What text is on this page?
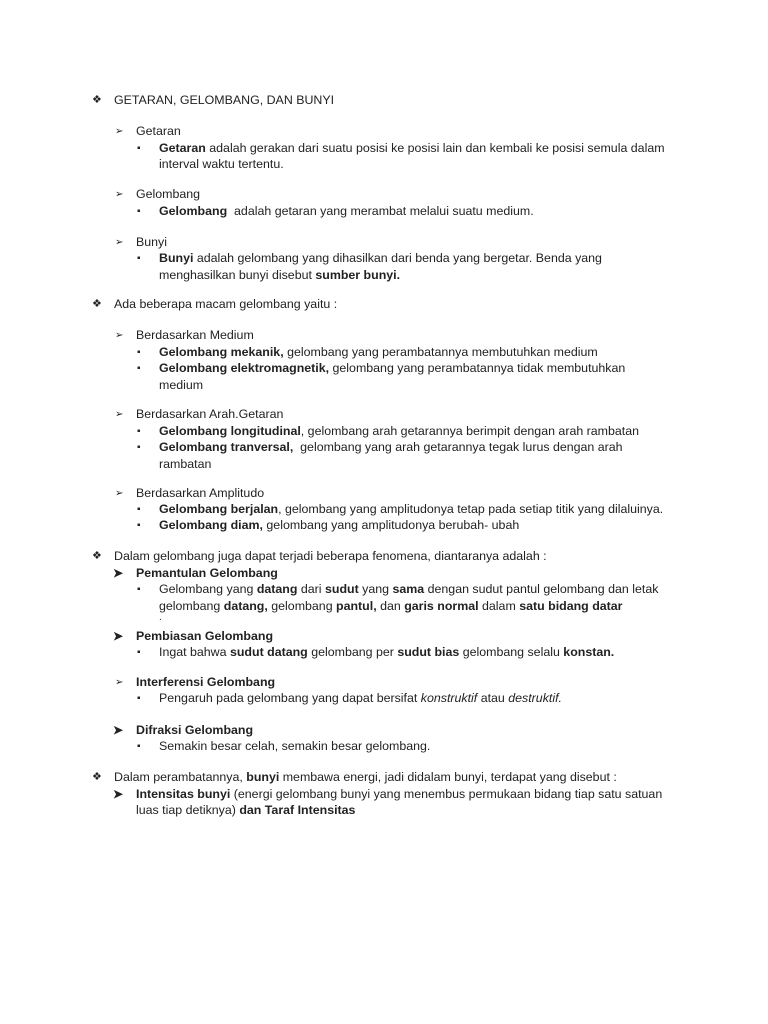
❖ GETARAN, GELOMBANG, DAN BUNYI
➢ Getaran
▪ Getaran adalah gerakan dari suatu posisi ke posisi lain dan kembali ke posisi semula dalam
interval waktu tertentu.
➢ Gelombang
▪ Gelombang  adalah getaran yang merambat melalui suatu medium.
➢ Bunyi
▪ Bunyi adalah gelombang yang dihasilkan dari benda yang bergetar. Benda yang
menghasilkan bunyi disebut sumber bunyi.
❖ Ada beberapa macam gelombang yaitu :
➢ Berdasarkan Medium
▪ Gelombang mekanik, gelombang yang perambatannya membutuhkan medium
▪ Gelombang elektromagnetik, gelombang yang perambatannya tidak membutuhkan
medium
➢ Berdasarkan Arah.Getaran
▪ Gelombang longitudinal, gelombang arah getarannya berimpit dengan arah rambatan
▪ Gelombang tranversal,  gelombang yang arah getarannya tegak lurus dengan arah
rambatan
➢ Berdasarkan Amplitudo
▪ Gelombang berjalan, gelombang yang amplitudonya tetap pada setiap titik yang dilaluinya.
▪ Gelombang diam, gelombang yang amplitudonya berubah- ubah
❖ Dalam gelombang juga dapat terjadi beberapa fenomena, diantaranya adalah :
➤ Pemantulan Gelombang
▪ Gelombang yang datang dari sudut yang sama dengan sudut pantul gelombang dan letak
gelombang datang, gelombang pantul, dan garis normal dalam satu bidang datar
.
➤ Pembiasan Gelombang
▪ Ingat bahwa sudut datang gelombang per sudut bias gelombang selalu konstan.
➢ Interferensi Gelombang
▪ Pengaruh pada gelombang yang dapat bersifat konstruktif atau destruktif.
➤ Difraksi Gelombang
▪ Semakin besar celah, semakin besar gelombang.
❖ Dalam perambatannya, bunyi membawa energi, jadi didalam bunyi, terdapat yang disebut :
➤ Intensitas bunyi (energi gelombang bunyi yang menembus permukaan bidang tiap satu satuan
luas tiap detiknya) dan Taraf Intensitas
